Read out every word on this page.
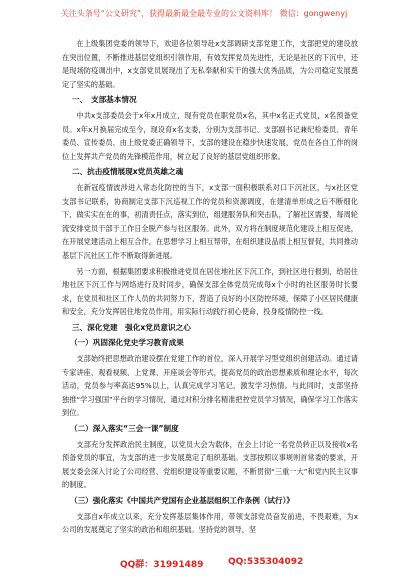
关注头条号“公文研究”，获得最新最全最专业的公文资料库！ 微信：gongwenyj

在上级集团党委的领导下，欢迎各位领导赴x支部调研支部党建工作，支部把党的建设放在突出位置，不断推进基层党组织引领作用，有效发挥党员先进性，无论是社区的下沉中，还是现场防疫调出中，x支部党员展现出了无私奉献和实干的强大优秀品质，为公司稳定发展奠定了坚实的基础。

一、　支部基本情况

中共x支部委员会于x年x月成立，现有党员在职党员x名，其中x名正式党员，x名预备党员。x年x月换届完成至今，现设育x名支委，分别为支部书记、支部副书记兼纪检委员、青年委员、宣传委员、由上级党委正确领导下，支部的建设在稳步快速发展，党员在各自工作的岗位上发挥共产党员的先锋模范作用，树立起了良好的基层党组织形象。

二、抗击疫情展现x党员英雄之魂

在新冠疫情波涉进入常态化防控的当下，x支部一面积极联系对口下沉社区，与x社区党支部书记联系，协商制定支部下沉巡视工作的党员和资源调度，在建清单形成之后不断细化下，做实实在在的事，初清责任点，落实到位，组建服务队和突击队，了解社区需要，每周轮流安排党员干部于工作日全脱产参与社区服务。此外，双方将在制度规范化建设上相互促进，在开展党建活动上相互合作，在思想学习上相互帮带，在组织建设品质上相互督促，共同推动基层下沉社区工作不断取得新进展。

另一方面，根据集团要求积极推进党员在居住地社区下沉工作，到社区进行报到，给居住地社区下沉工作与网络进行及时同步，确保支部全体党员完成每x个小时的社区服务时长要求，在党员和社区工作人员的共同努力下，营造了良好的小区防控环境，保障了小区居民健康和安全，充分发挥居住地党员作用，用实际行动践行初心使命，投身疫情防控一线。

三、深化党建　强化x党员意识之心
（一）巩固深化党史学习教育成果

支部始终把思想政治建设摆在党建工作的首位，深入开展学习型党组织创建活动。通过请专家讲座、观看视频、上党课、开座谈会等形式，提高党员的政治思想素质和理论水平，每次活动，党员参与率高达95%以上，认真完成学习笔记，激发学习热情。与此同时，支部坚持独推“学习强国”平台的学习情况，通过对积分排名精准把控党员学习情况，确保学习工作落实到位。

（二）深入落实“三会一课”制度

支部充分发挥政治民主制度，以党员大会为载体，在会上讨论一名党员转正以及接收x名预备党员的事宜，为支部的进一步发展奠定了组织基础。支部按照议事规则首常委的要求，开展支委会深入讨论了公司经营、党组织建设等重要议题，不断贯彻“三重一大”和党内民主议事的制度。

（三）强化落实《中国共产党国有企业基层组织工作条例（试行）》

支部自x年成立以来，充分发挥基层集体作用，带领支部党员奋发前进，不畏艰难，为x公司的发展奠定了坚实的政治和组织基础。坚持党的领导，坚

QQ群：31991489	QQ:535304092
